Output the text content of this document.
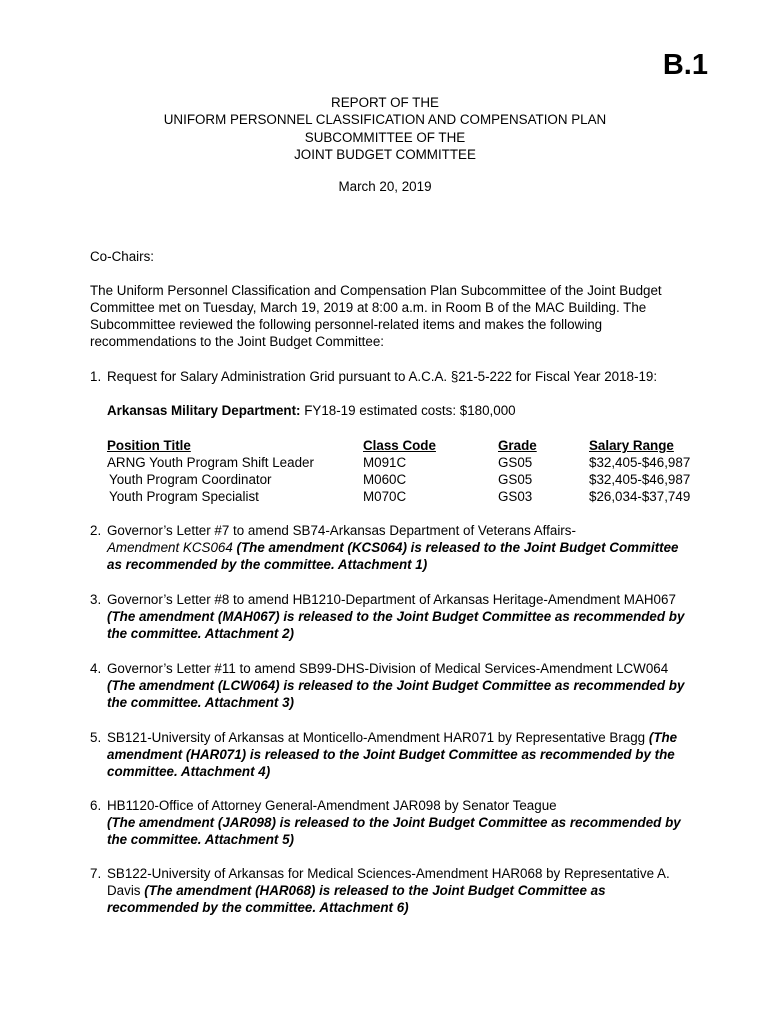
B.1
REPORT OF THE
UNIFORM PERSONNEL CLASSIFICATION AND COMPENSATION PLAN
SUBCOMMITTEE OF THE
JOINT BUDGET COMMITTEE
March 20, 2019
Co-Chairs:
The Uniform Personnel Classification and Compensation Plan Subcommittee of the Joint Budget Committee met on Tuesday, March 19, 2019 at 8:00 a.m. in Room B of the MAC Building. The Subcommittee reviewed the following personnel-related items and makes the following recommendations to the Joint Budget Committee:
1. Request for Salary Administration Grid pursuant to A.C.A. §21-5-222 for Fiscal Year 2018-19:
Arkansas Military Department: FY18-19 estimated costs: $180,000
Position Title	Class Code	Grade	Salary Range
ARNG Youth Program Shift Leader	M091C	GS05	$32,405-$46,987
Youth Program Coordinator	M060C	GS05	$32,405-$46,987
Youth Program Specialist	M070C	GS03	$26,034-$37,749
2. Governor’s Letter #7 to amend SB74-Arkansas Department of Veterans Affairs-
Amendment KCS064 (The amendment (KCS064) is released to the Joint Budget Committee as recommended by the committee. Attachment 1)
3. Governor’s Letter #8 to amend HB1210-Department of Arkansas Heritage-Amendment MAH067 (The amendment (MAH067) is released to the Joint Budget Committee as recommended by the committee. Attachment 2)
4. Governor’s Letter #11 to amend SB99-DHS-Division of Medical Services-Amendment LCW064 (The amendment (LCW064) is released to the Joint Budget Committee as recommended by the committee. Attachment 3)
5. SB121-University of Arkansas at Monticello-Amendment HAR071 by Representative Bragg (The amendment (HAR071) is released to the Joint Budget Committee as recommended by the committee. Attachment 4)
6. HB1120-Office of Attorney General-Amendment JAR098 by Senator Teague
(The amendment (JAR098) is released to the Joint Budget Committee as recommended by the committee. Attachment 5)
7. SB122-University of Arkansas for Medical Sciences-Amendment HAR068 by Representative A. Davis (The amendment (HAR068) is released to the Joint Budget Committee as recommended by the committee. Attachment 6)
